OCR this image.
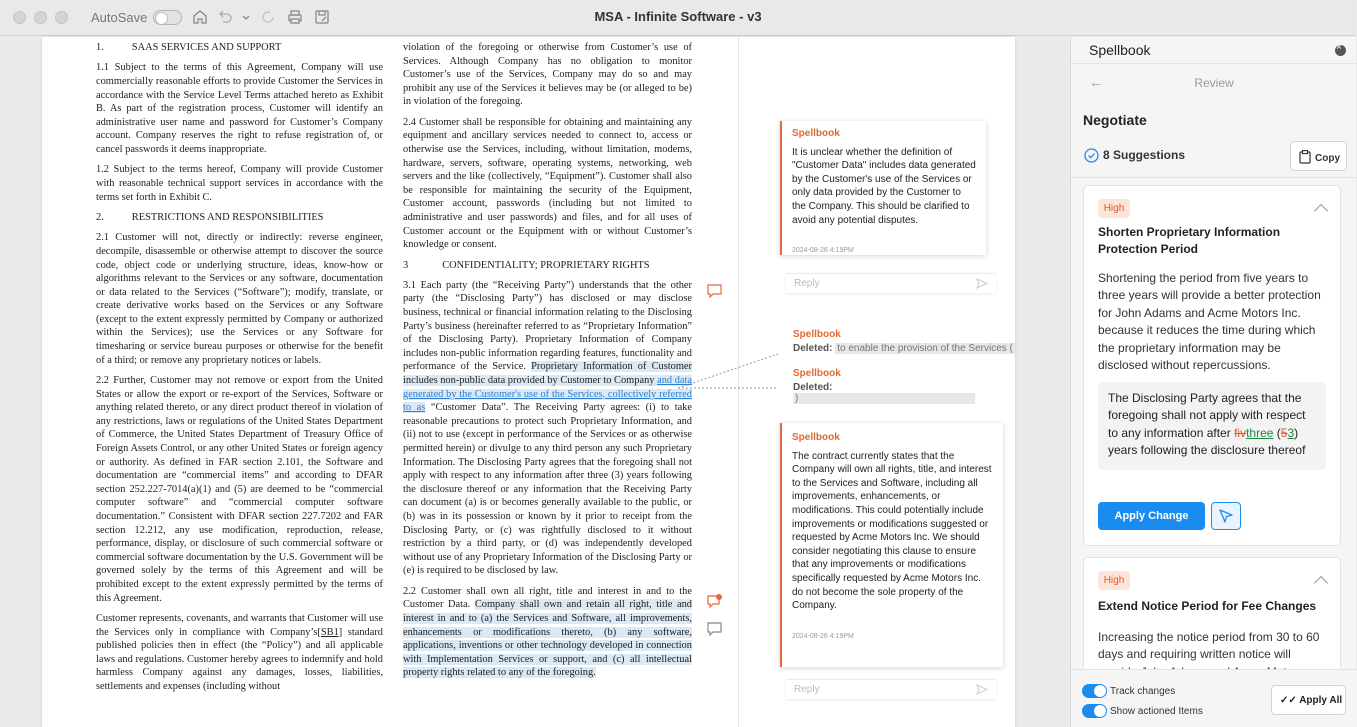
AutoSave	MSA - Infinite Software - v3

1.	SAAS SERVICES AND SUPPORT

1.1 Subject to the terms of this Agreement, Company will use commercially reasonable efforts to provide Customer the Services in accordance with the Service Level Terms attached hereto as Exhibit B. As part of the registration process, Customer will identify an administrative user name and password for Customer’s Company account. Company reserves the right to refuse registration of, or cancel passwords it deems inappropriate.

1.2 Subject to the terms hereof, Company will provide Customer with reasonable technical support services in accordance with the terms set forth in Exhibit C.

2.	RESTRICTIONS AND RESPONSIBILITIES

2.1 Customer will not, directly or indirectly: reverse engineer, decompile, disassemble or otherwise attempt to discover the source code, object code or underlying structure, ideas, know-how or algorithms relevant to the Services or any software, documentation or data related to the Services (“Software”); modify, translate, or create derivative works based on the Services or any Software (except to the extent expressly permitted by Company or authorized within the Services); use the Services or any Software for timesharing or service bureau purposes or otherwise for the benefit of a third; or remove any proprietary notices or labels.

2.2 Further, Customer may not remove or export from the United States or allow the export or re-export of the Services, Software or anything related thereto, or any direct product thereof in violation of any restrictions, laws or regulations of the United States Department of Commerce, the United States Department of Treasury Office of Foreign Assets Control, or any other United States or foreign agency or authority. As defined in FAR section 2.101, the Software and documentation are “commercial items” and according to DFAR section 252.227-7014(a)(1) and (5) are deemed to be “commercial computer software” and “commercial computer software documentation.” Consistent with DFAR section 227.7202 and FAR section 12.212, any use modification, reproduction, release, performance, display, or disclosure of such commercial software or commercial software documentation by the U.S. Government will be governed solely by the terms of this Agreement and will be prohibited except to the extent expressly permitted by the terms of this Agreement.

Customer represents, covenants, and warrants that Customer will use the Services only in compliance with Company’s[SB1] standard published policies then in effect (the “Policy”) and all applicable laws and regulations. Customer hereby agrees to indemnify and hold harmless Company against any damages, losses, liabilities, settlements and expenses (including without

violation of the foregoing or otherwise from Customer’s use of Services. Although Company has no obligation to monitor Customer’s use of the Services, Company may do so and may prohibit any use of the Services it believes may be (or alleged to be) in violation of the foregoing.

2.4 Customer shall be responsible for obtaining and maintaining any equipment and ancillary services needed to connect to, access or otherwise use the Services, including, without limitation, modems, hardware, servers, software, operating systems, networking, web servers and the like (collectively, “Equipment”). Customer shall also be responsible for maintaining the security of the Equipment, Customer account, passwords (including but not limited to administrative and user passwords) and files, and for all uses of Customer account or the Equipment with or without Customer’s knowledge or consent.

3	CONFIDENTIALITY; PROPRIETARY RIGHTS

3.1 Each party (the “Receiving Party”) understands that the other party (the “Disclosing Party”) has disclosed or may disclose business, technical or financial information relating to the Disclosing Party’s business (hereinafter referred to as “Proprietary Information” of the Disclosing Party). Proprietary Information of Company includes non-public information regarding features, functionality and performance of the Service. Proprietary Information of Customer includes non-public data provided by Customer to Company and data generated by the Customer's use of the Services, collectively referred to as “Customer Data”. The Receiving Party agrees: (i) to take reasonable precautions to protect such Proprietary Information, and (ii) not to use (except in performance of the Services or as otherwise permitted herein) or divulge to any third person any such Proprietary Information. The Disclosing Party agrees that the foregoing shall not apply with respect to any information after three (3) years following the disclosure thereof or any information that the Receiving Party can document (a) is or becomes generally available to the public, or (b) was in its possession or known by it prior to receipt from the Disclosing Party, or (c) was rightfully disclosed to it without restriction by a third party, or (d) was independently developed without use of any Proprietary Information of the Disclosing Party or (e) is required to be disclosed by law.

2.2 Customer shall own all right, title and interest in and to the Customer Data. Company shall own and retain all right, title and interest in and to (a) the Services and Software, all improvements, enhancements or modifications thereto, (b) any software, applications, inventions or other technology developed in connection with Implementation Services or support, and (c) all intellectual property rights related to any of the foregoing.

Spellbook
It is unclear whether the definition of "Customer Data" includes data generated by the Customer's use of the Services or only data provided by the Customer to the Company. This should be clarified to avoid any potential disputes.
2024-08-26 4:19PM
Reply
Spellbook
Deleted: to enable the provision of the Services (
Spellbook
Deleted: )
Spellbook
The contract currently states that the Company will own all rights, title, and interest to the Services and Software, including all improvements, enhancements, or modifications. This could potentially include improvements or modifications suggested or requested by Acme Motors Inc. We should consider negotiating this clause to ensure that any improvements or modifications specifically requested by Acme Motors Inc. do not become the sole property of the Company.
2024-08-26 4:19PM
Reply
Spellbook
×
←	Review
Negotiate
8 Suggestions	Copy
High
Shorten Proprietary Information Protection Period
Shortening the period from five years to three years will provide a better protection for John Adams and Acme Motors Inc. because it reduces the time during which the proprietary information may be disclosed without repercussions.
The Disclosing Party agrees that the foregoing shall not apply with respect to any information after fivthree (53) years following the disclosure thereof
Apply Change
High
Extend Notice Period for Fee Changes
Increasing the notice period from 30 to 60 days and requiring written notice will
Track changes
Show actioned Items
✓✓ Apply All
